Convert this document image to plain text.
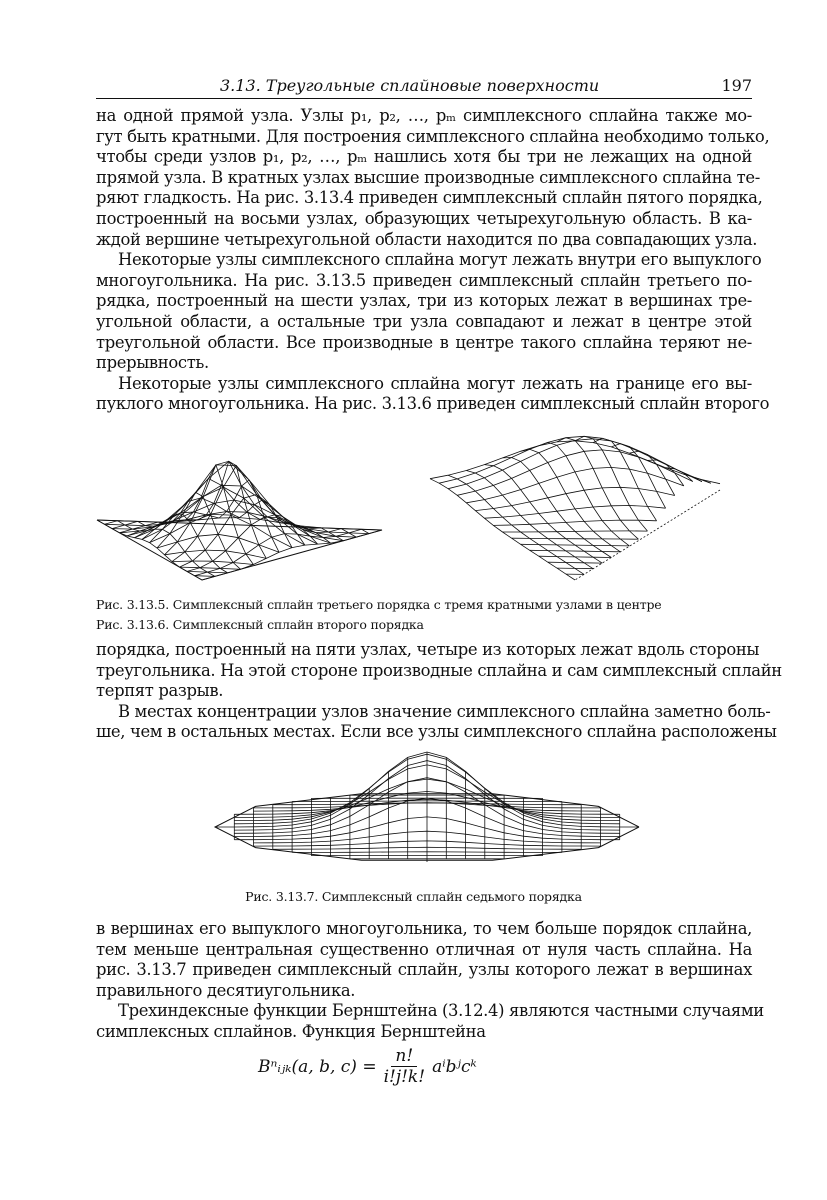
3.13. Треугольные сплайновые поверхности	197
на одной прямой узла. Узлы p₁, p₂, …, pₘ симплексного сплайна также мо-
гут быть кратными. Для построения симплексного сплайна необходимо только,
чтобы среди узлов p₁, p₂, …, pₘ нашлись хотя бы три не лежащих на одной
прямой узла. В кратных узлах высшие производные симплексного сплайна те-
ряют гладкость. На рис. 3.13.4 приведен симплексный сплайн пятого порядка,
построенный на восьми узлах, образующих четырехугольную область. В ка-
ждой вершине четырехугольной области находится по два совпадающих узла.
Некоторые узлы симплексного сплайна могут лежать внутри его выпуклого
многоугольника. На рис. 3.13.5 приведен симплексный сплайн третьего по-
рядка, построенный на шести узлах, три из которых лежат в вершинах тре-
угольной области, а остальные три узла совпадают и лежат в центре этой
треугольной области. Все производные в центре такого сплайна теряют не-
прерывность.
Некоторые узлы симплексного сплайна могут лежать на границе его вы-
пуклого многоугольника. На рис. 3.13.6 приведен симплексный сплайн второго
Рис. 3.13.5. Симплексный сплайн третьего порядка с тремя кратными узлами в центре
Рис. 3.13.6. Симплексный сплайн второго порядка
порядка, построенный на пяти узлах, четыре из которых лежат вдоль стороны
треугольника. На этой стороне производные сплайна и сам симплексный сплайн
терпят разрыв.
В местах концентрации узлов значение симплексного сплайна заметно боль-
ше, чем в остальных местах. Если все узлы симплексного сплайна расположены
Рис. 3.13.7. Симплексный сплайн седьмого порядка
в вершинах его выпуклого многоугольника, то чем больше порядок сплайна,
тем меньше центральная существенно отличная от нуля часть сплайна. На
рис. 3.13.7 приведен симплексный сплайн, узлы которого лежат в вершинах
правильного десятиугольника.
Трехиндексные функции Бернштейна (3.12.4) являются частными случаями
симплексных сплайнов. Функция Бернштейна
Bⁿᵢⱼₖ(a, b, $c) = \frac{n!}{i!j!k!}$ aⁱbʲcᵏ
